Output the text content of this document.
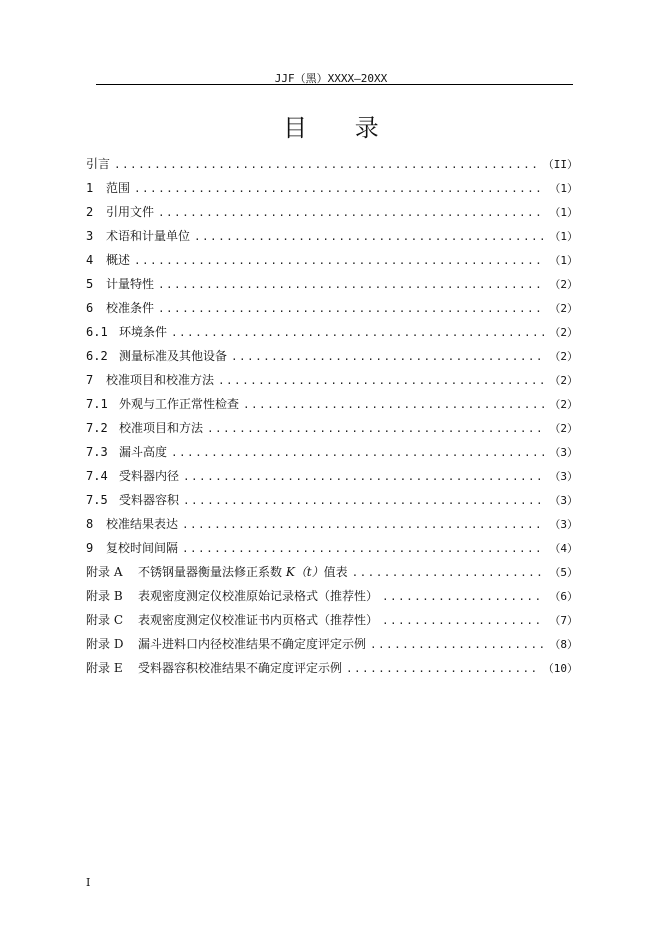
JJF（黑）XXXX—20XX
目 录
引言 .....	（II）
1	范围 .....	（1）
2	引用文件 .....	（1）
3	术语和计量单位 .....	（1）
4	概述 .....	（1）
5	计量特性 .....	（2）
6	校准条件 .....	（2）
6.1 环境条件 .....	（2）
6.2 测量标准及其他设备 .....	（2）
7	校准项目和校准方法 .....	（2）
7.1 外观与工作正常性检查 .....	（2）
7.2 校准项目和方法 .....	（2）
7.3 漏斗高度 .....	（3）
7.4 受料器内径 .....	（3）
7.5 受料器容积 .....	（3）
8	校准结果表达 .....	（3）
9	复校时间间隔 .....	（4）
附录 A	不锈钢量器衡量法修正系数 K（t）值表 .....	（5）
附录 B	表观密度测定仪校准原始记录格式（推荐性） .....	（6）
附录 C	表观密度测定仪校准证书内页格式（推荐性） .....	（7）
附录 D	漏斗进料口内径校准结果不确定度评定示例 .....	（8）
附录 E	受料器容积校准结果不确定度评定示例 .....	（10）
I
